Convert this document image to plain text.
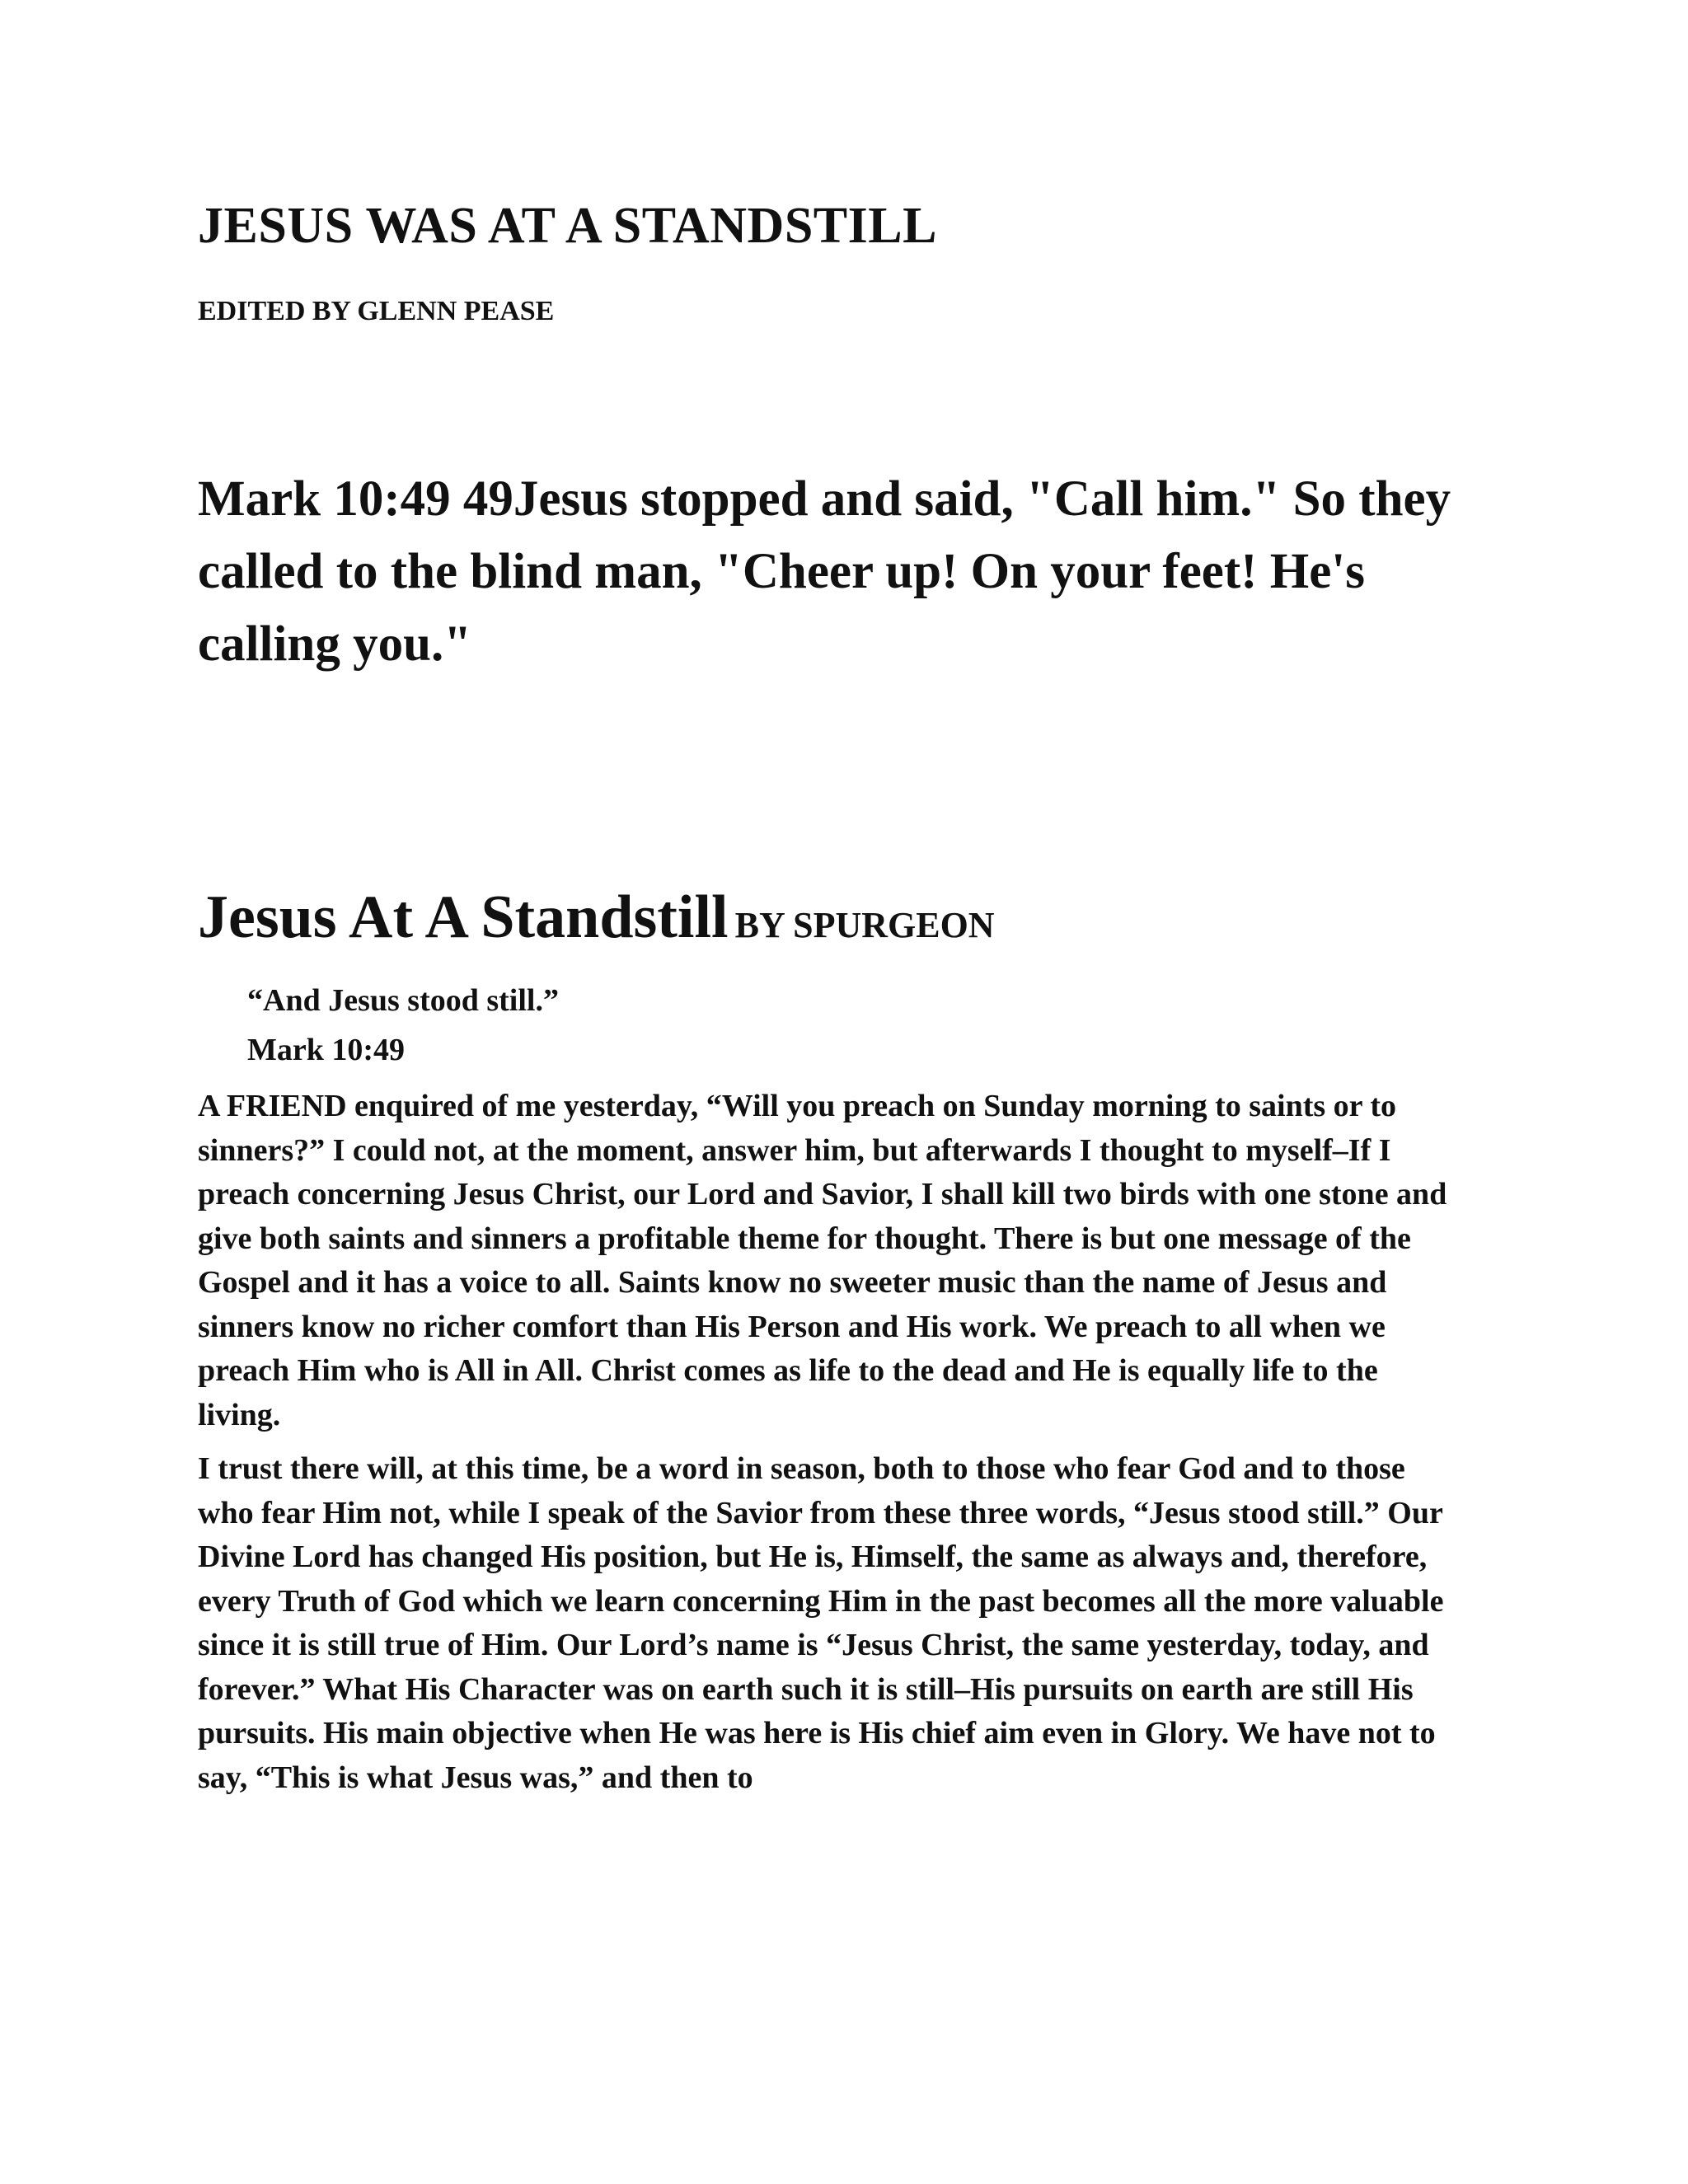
JESUS WAS AT A STANDSTILL
EDITED BY GLENN PEASE
Mark 10:49 49Jesus stopped and said, "Call him." So they called to the blind man, "Cheer up! On your feet! He's calling you."
Jesus At A Standstill BY SPURGEON
“And Jesus stood still.”
Mark 10:49

A FRIEND enquired of me yesterday, “Will you preach on Sunday morning to saints or to sinners?” I could not, at the moment, answer him, but afterwards I thought to myself–If I preach concerning Jesus Christ, our Lord and Savior, I shall kill two birds with one stone and give both saints and sinners a profitable theme for thought. There is but one message of the Gospel and it has a voice to all. Saints know no sweeter music than the name of Jesus and sinners know no richer comfort than His Person and His work. We preach to all when we preach Him who is All in All. Christ comes as life to the dead and He is equally life to the living.

I trust there will, at this time, be a word in season, both to those who fear God and to those who fear Him not, while I speak of the Savior from these three words, “Jesus stood still.” Our Divine Lord has changed His position, but He is, Himself, the same as always and, therefore, every Truth of God which we learn concerning Him in the past becomes all the more valuable since it is still true of Him. Our Lord’s name is “Jesus Christ, the same yesterday, today, and forever.” What His Character was on earth such it is still–His pursuits on earth are still His pursuits. His main objective when He was here is His chief aim even in Glory. We have not to say, “This is what Jesus was,” and then to
